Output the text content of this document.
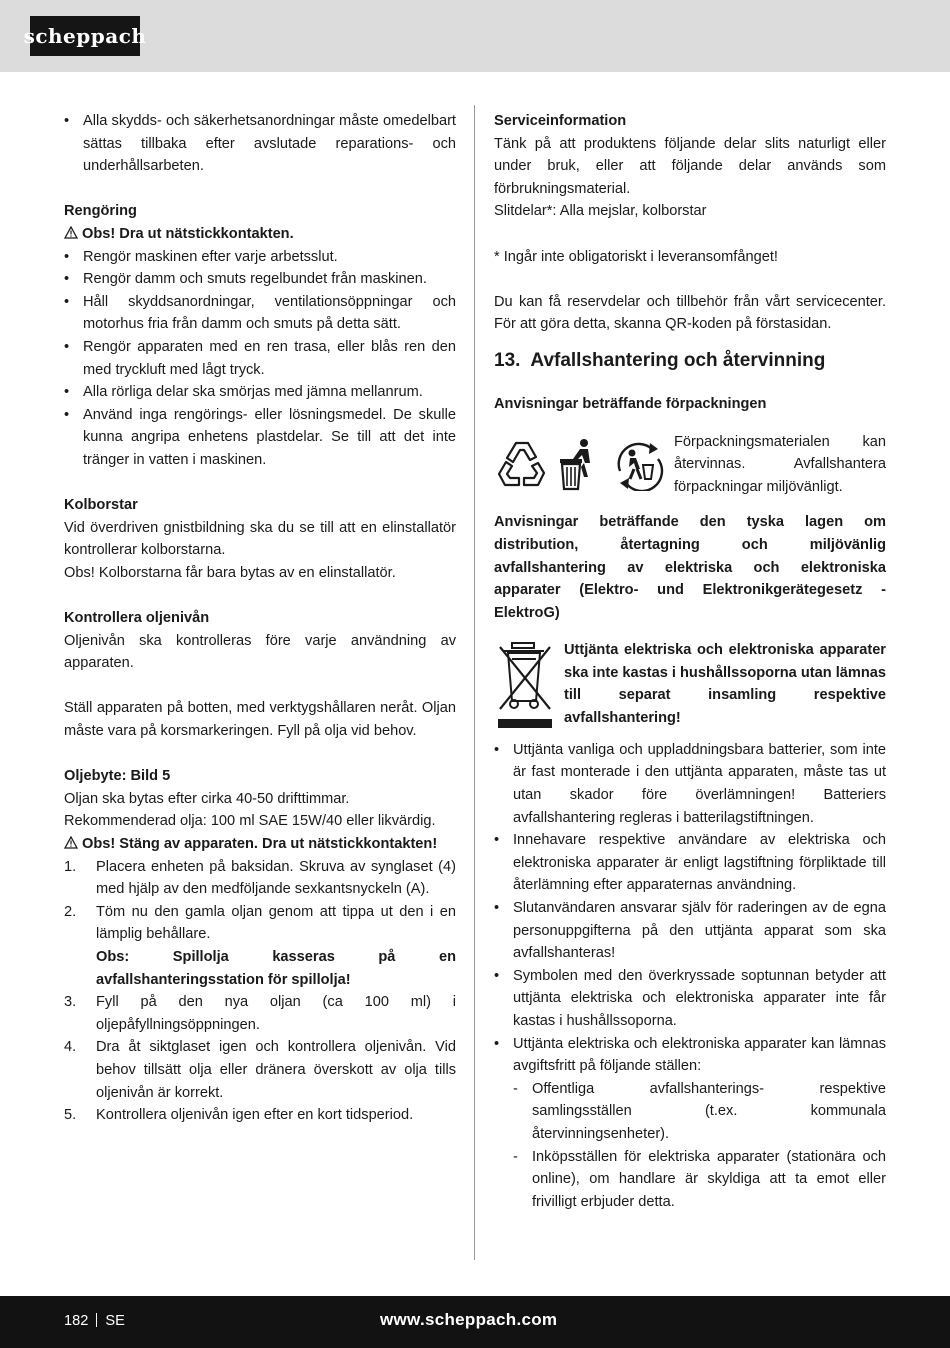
scheppach
• Alla skydds- och säkerhetsanordningar måste omedelbart sättas tillbaka efter avslutade reparations- och underhållsarbeten.

Rengöring

Obs! Dra ut nätstickkontakten.

• Rengör maskinen efter varje arbetsslut.
• Rengör damm och smuts regelbundet från maskinen.
• Håll skyddsanordningar, ventilationsöppningar och motorhus fria från damm och smuts på detta sätt.
• Rengör apparaten med en ren trasa, eller blås ren den med tryckluft med lågt tryck.
• Alla rörliga delar ska smörjas med jämna mellanrum.
• Använd inga rengörings- eller lösningsmedel. De skulle kunna angripa enhetens plastdelar. Se till att det inte tränger in vatten i maskinen.

Kolborstar

Vid överdriven gnistbildning ska du se till att en elinstallatör kontrollerar kolborstarna.

Obs! Kolborstarna får bara bytas av en elinstallatör.

Kontrollera oljenivån

Oljenivån ska kontrolleras före varje användning av apparaten.

Ställ apparaten på botten, med verktygshållaren neråt. Oljan måste vara på korsmarkeringen. Fyll på olja vid behov.

Oljebyte: Bild 5

Oljan ska bytas efter cirka 40-50 drifttimmar.

Rekommenderad olja: 100 ml SAE 15W/40 eller likvärdig.

Obs! Stäng av apparaten. Dra ut nätstickkontakten!

1. Placera enheten på baksidan. Skruva av synglaset (4) med hjälp av den medföljande sexkantsnyckeln (A).
2. Töm nu den gamla oljan genom att tippa ut den i en lämplig behållare.
Obs: Spillolja kasseras på en avfallshanteringsstation för spillolja!
3. Fyll på den nya oljan (ca 100 ml) i oljepåfyllningsöppningen.
4. Dra åt siktglaset igen och kontrollera oljenivån. Vid behov tillsätt olja eller dränera överskott av olja tills oljenivån är korrekt.
5. Kontrollera oljenivån igen efter en kort tidsperiod.

Serviceinformation

Tänk på att produktens följande delar slits naturligt eller under bruk, eller att följande delar används som förbrukningsmaterial.

Slitdelar*: Alla mejslar, kolborstar

* Ingår inte obligatoriskt i leveransomfånget!

Du kan få reservdelar och tillbehör från vårt servicecenter. För att göra detta, skanna QR-koden på förstasidan.

13. Avfallshantering och återvinning

Anvisningar beträffande förpackningen

Förpackningsmaterialen kan återvinnas. Avfallshantera förpackningar miljövänligt.

Anvisningar beträffande den tyska lagen om distribution, återtagning och miljövänlig avfallshantering av elektriska och elektroniska apparater (Elektro- und Elektronikgerätegesetz - ElektroG)

Uttjänta elektriska och elektroniska apparater ska inte kastas i hushållssoporna utan lämnas till separat insamling respektive avfallshantering!

• Uttjänta vanliga och uppladdningsbara batterier, som inte är fast monterade i den uttjänta apparaten, måste tas ut utan skador före överlämningen! Batteriers avfallshantering regleras i batterilagstiftningen.
• Innehavare respektive användare av elektriska och elektroniska apparater är enligt lagstiftning förpliktade till återlämning efter apparaternas användning.
• Slutanvändaren ansvarar själv för raderingen av de egna personuppgifterna på den uttjänta apparat som ska avfallshanteras!
• Symbolen med den överkryssade soptunnan betyder att uttjänta elektriska och elektroniska apparater inte får kastas i hushållssoporna.
• Uttjänta elektriska och elektroniska apparater kan lämnas avgiftsfritt på följande ställen:
- Offentliga avfallshanterings- respektive samlingsställen (t.ex. kommunala återvinningsenheter).
- Inköpsställen för elektriska apparater (stationära och online), om handlare är skyldiga att ta emot eller frivilligt erbjuder detta.
182 SE	www.scheppach.com
